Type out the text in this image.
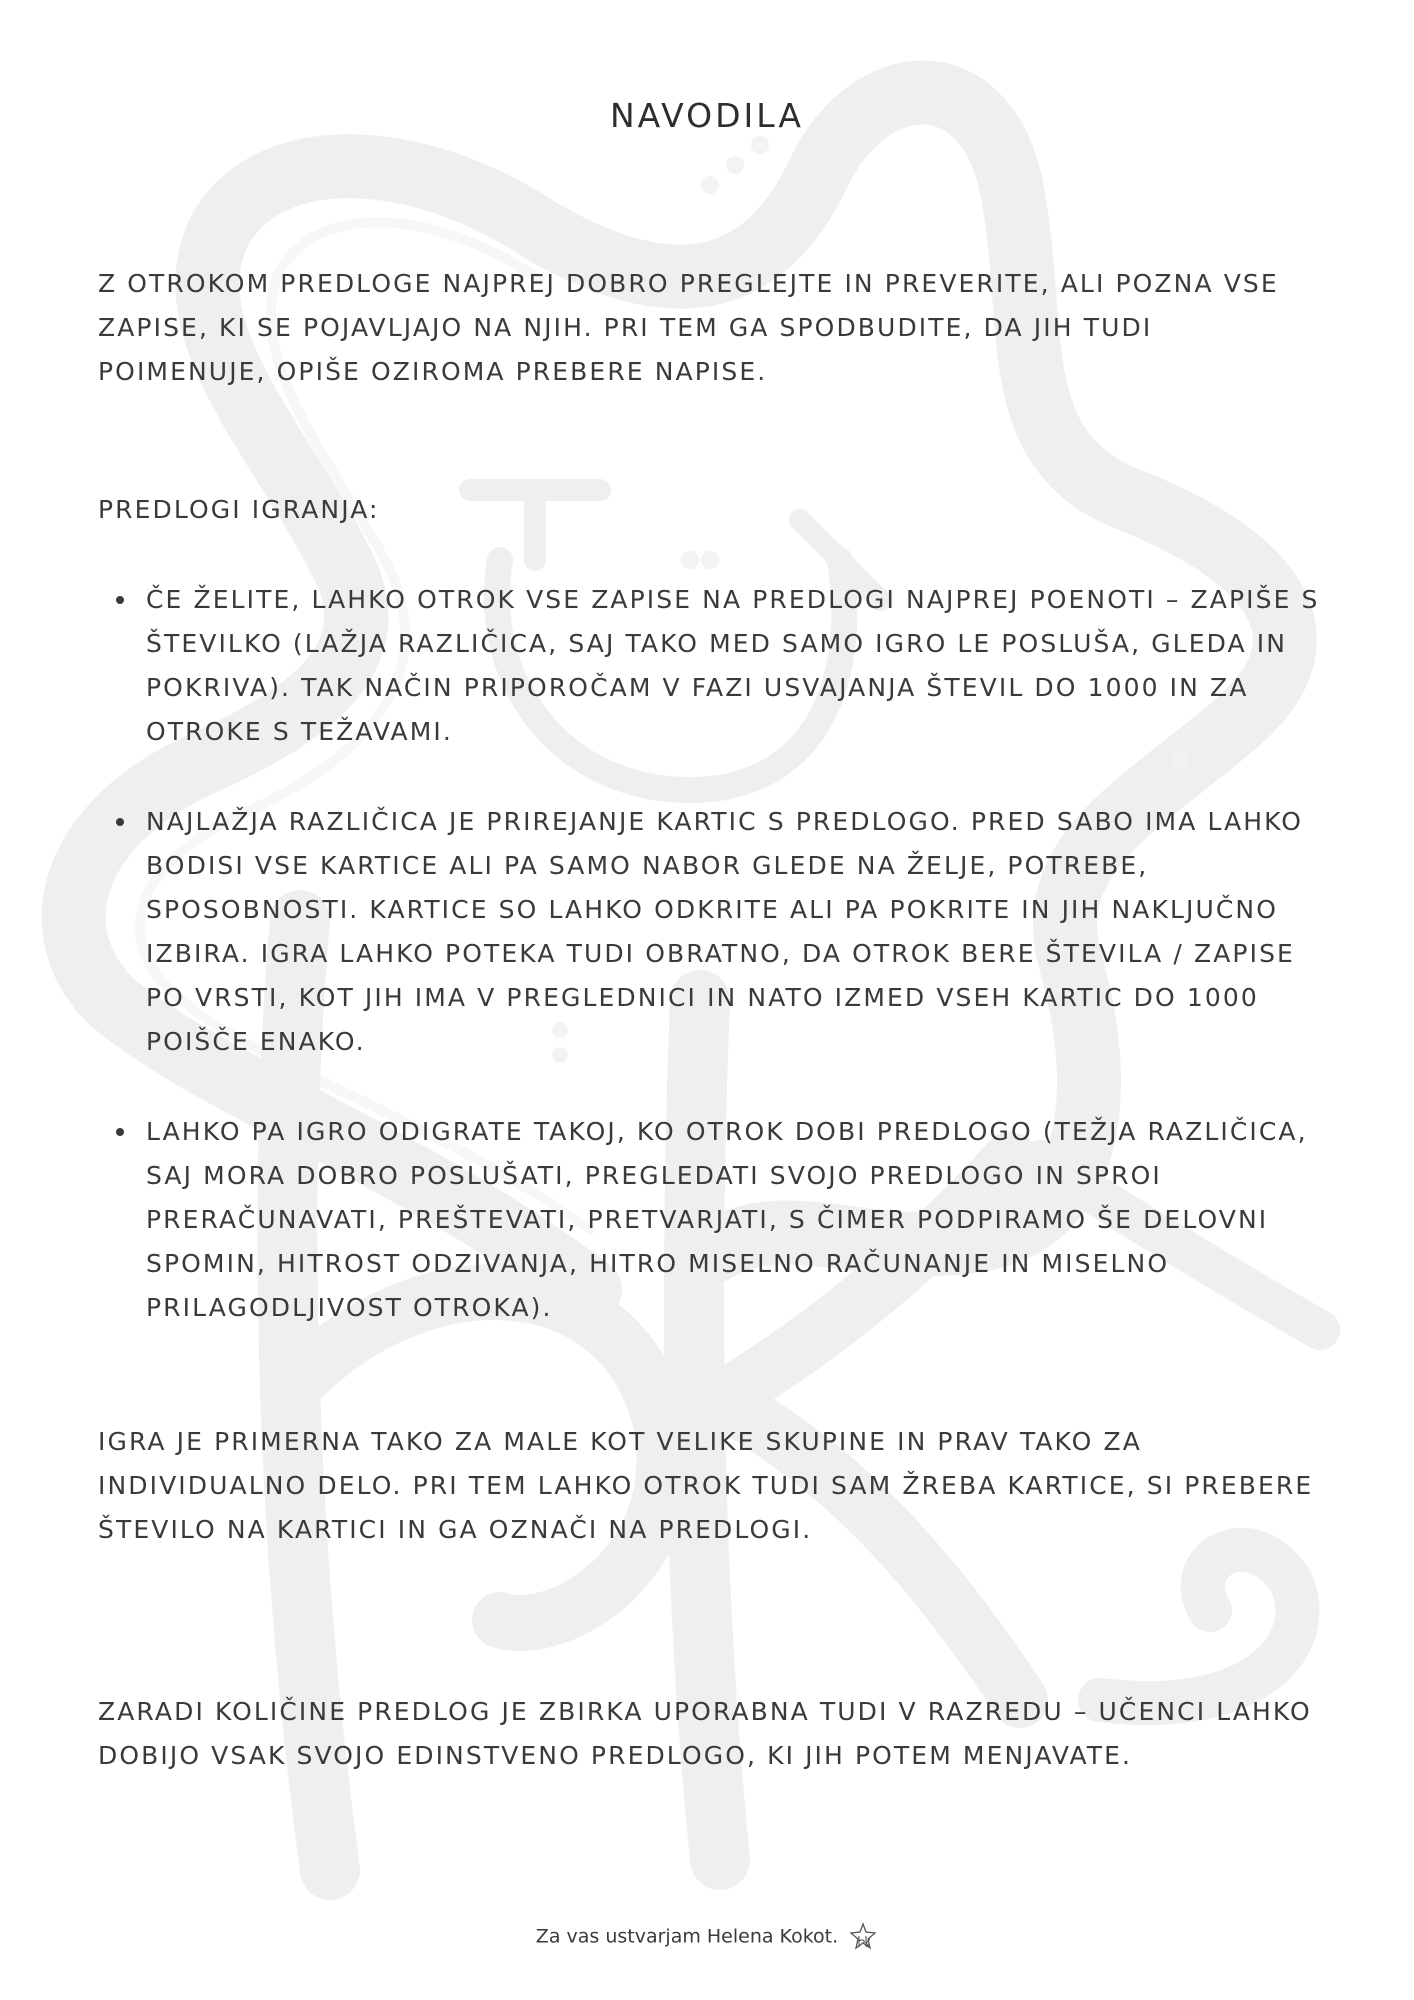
NAVODILA

Z OTROKOM PREDLOGE NAJPREJ DOBRO PREGLEJTE IN PREVERITE, ALI POZNA VSE ZAPISE, KI SE POJAVLJAJO NA NJIH. PRI TEM GA SPODBUDITE, DA JIH TUDI POIMENUJE, OPIŠE OZIROMA PREBERE NAPISE.

PREDLOGI IGRANJA:

ČE ŽELITE, LAHKO OTROK VSE ZAPISE NA PREDLOGI NAJPREJ POENOTI – ZAPIŠE S ŠTEVILKO (LAŽJA RAZLIČICA, SAJ TAKO MED SAMO IGRO LE POSLUŠA, GLEDA IN POKRIVA). TAK NAČIN PRIPOROČAM V FAZI USVAJANJA ŠTEVIL DO 1000 IN ZA OTROKE S TEŽAVAMI.
NAJLAŽJA RAZLIČICA JE PRIREJANJE KARTIC S PREDLOGO. PRED SABO IMA LAHKO BODISI VSE KARTICE ALI PA SAMO NABOR GLEDE NA ŽELJE, POTREBE, SPOSOBNOSTI. KARTICE SO LAHKO ODKRITE ALI PA POKRITE IN JIH NAKLJUČNO IZBIRA. IGRA LAHKO POTEKA TUDI OBRATNO, DA OTROK BERE ŠTEVILA / ZAPISE PO VRSTI, KOT JIH IMA V PREGLEDNICI IN NATO IZMED VSEH KARTIC DO 1000 POIŠČE ENAKO.
LAHKO PA IGRO ODIGRATE TAKOJ, KO OTROK DOBI PREDLOGO (TEŽJA RAZLIČICA, SAJ MORA DOBRO POSLUŠATI, PREGLEDATI SVOJO PREDLOGO IN SPROI PRERAČUNAVATI, PREŠTEVATI, PRETVARJATI, S ČIMER PODPIRAMO ŠE DELOVNI SPOMIN, HITROST ODZIVANJA, HITRO MISELNO RAČUNANJE IN MISELNO PRILAGODLJIVOST OTROKA).

IGRA JE PRIMERNA TAKO ZA MALE KOT VELIKE SKUPINE IN PRAV TAKO ZA INDIVIDUALNO DELO. PRI TEM LAHKO OTROK TUDI SAM ŽREBA KARTICE, SI PREBERE ŠTEVILO NA KARTICI IN GA OZNAČI NA PREDLOGI.

ZARADI KOLIČINE PREDLOG JE ZBIRKA UPORABNA TUDI V RAZREDU – UČENCI LAHKO DOBIJO VSAK SVOJO EDINSTVENO PREDLOGO, KI JIH POTEM MENJAVATE.

Za vas ustvarjam Helena Kokot.
